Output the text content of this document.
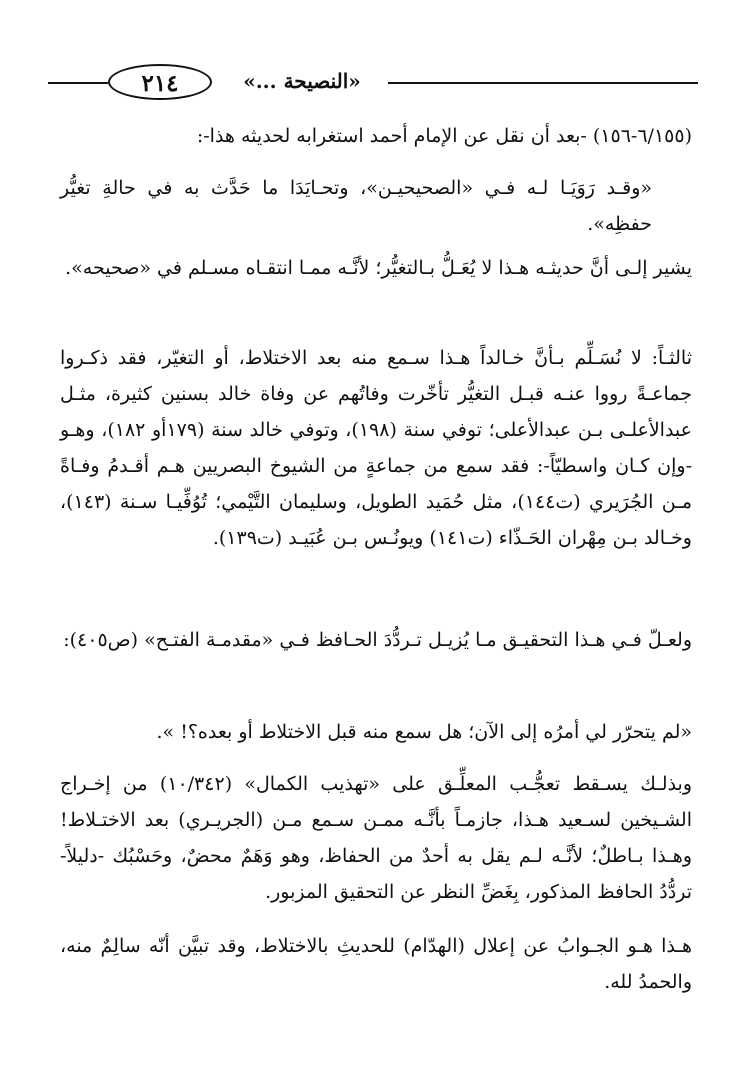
٢١٤	«النصيحة ...»

(٦/١٥٥-١٥٦) -بعد أن نقل عن الإمام أحمد استغرابه لحديثه هذا-:

«وقـد رَوَيَـا لـه فـي «الصحيحيـن»، وتحـايَدَا ما حَدَّث به في حالةِ تغيُّر حفظِه».

يشير إلـى أنَّ حديثـه هـذا لا يُعَـلُّ بـالتغيُّر؛ لأنَّـه ممـا انتقـاه مسـلم في «صحيحه».

ثالثـاً: لا نُسَـلِّم بـأنَّ خـالداً هـذا سـمع منه بعد الاختلاط، أو التغيّر، فقد ذكـروا جماعـةً رووا عنـه قبـل التغيُّر تأخّرت وفاتُهم عن وفاة خالد بسنين كثيرة، مثـل عبدالأعلـى بـن عبدالأعلى؛ توفي سنة (١٩٨)، وتوفي خالد سنة (١٧٩أو ١٨٢)، وهـو -وإن كـان واسطيّاً-: فقد سمع من جماعةٍ من الشيوخ البصريين هـم أقـدمُ وفـاةً مـن الجُرَيري (ت١٤٤)، مثل حُمَيد الطويل، وسليمان التَّيْمي؛ تُوُفِّيـا سـنة (١٤٣)، وخـالد بـن مِهْران الحَـذّاء (ت١٤١) ويونُـس بـن عُبَيـد (ت١٣٩).

ولعـلّ فـي هـذا التحقيـق مـا يُزيـل تـردُّدَ الحـافظ فـي «مقدمـة الفتـح» (ص٤٠٥):

«لم يتحرّر لي أمرُه إلى الآن؛ هل سمع منه قبل الاختلاط أو بعده؟! ».

وبذلـك يسـقط تعجُّـب المعلِّـق على «تهذيب الكمال» (١٠/٣٤٢) من إخـراج الشـيخين لسـعيد هـذا، جازمـاً بأنَّـه ممـن سـمع مـن (الجريـري) بعد الاختـلاط! وهـذا بـاطلٌ؛ لأنَّـه لـم يقل به أحدٌ من الحفاظ، وهو وَهَمٌ محضٌ، وحَسْبُك -دليلاً- تردُّدُ الحافظ المذكور، بِغَضِّ النظر عن التحقيق المزبور.

هـذا هـو الجـوابُ عن إعلال (الهدّام) للحديثِ بالاختلاط، وقد تبيَّن أنّه سالِمٌ منه، والحمدُ لله.
